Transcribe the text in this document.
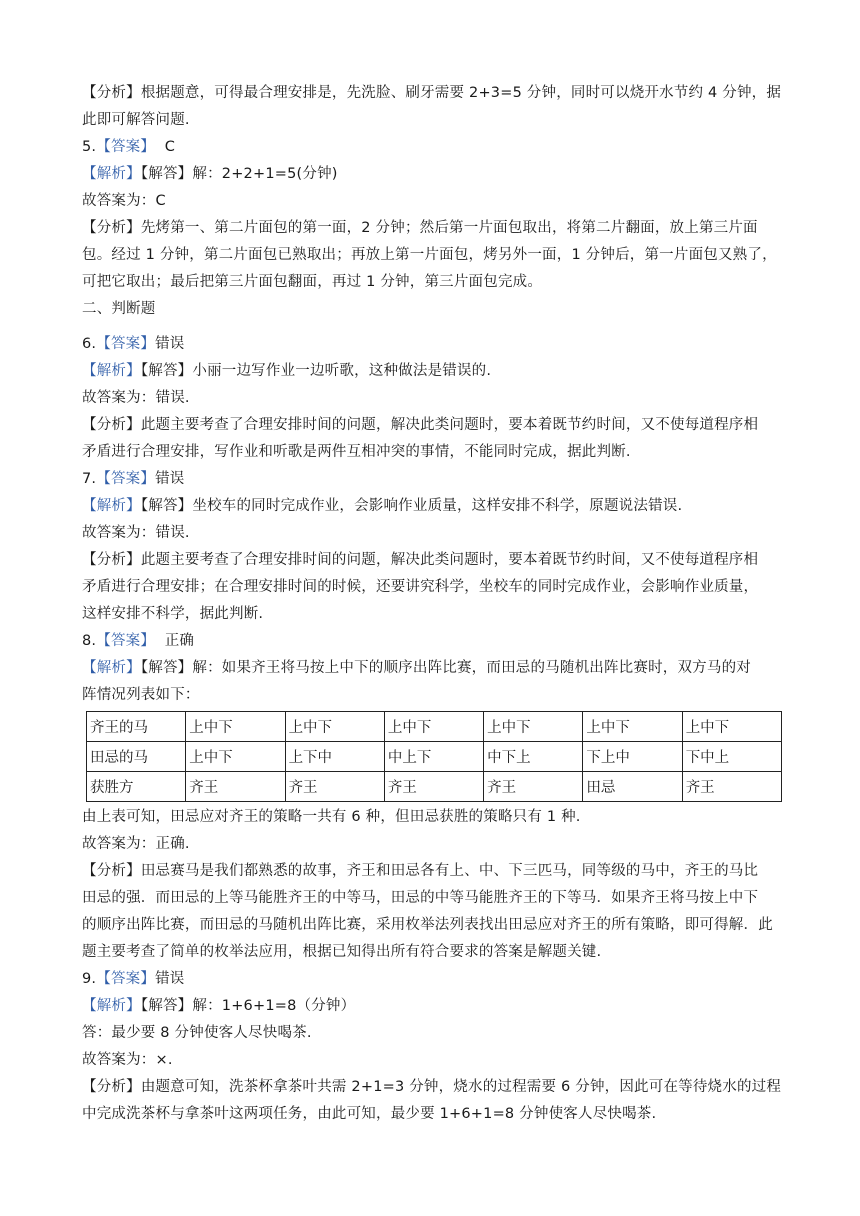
【分析】根据题意，可得最合理安排是，先洗脸、刷牙需要 2+3=5 分钟，同时可以烧开水节约 4 分钟，据
此即可解答问题.
5.【答案】 C
【解析】【解答】解：2+2+1=5(分钟)
故答案为：C
【分析】先烤第一、第二片面包的第一面，2 分钟；然后第一片面包取出，将第二片翻面，放上第三片面
包。经过 1 分钟，第二片面包已熟取出；再放上第一片面包，烤另外一面，1 分钟后，第一片面包又熟了，
可把它取出；最后把第三片面包翻面，再过 1 分钟，第三片面包完成。
二、判断题
6.【答案】错误
【解析】【解答】小丽一边写作业一边听歌，这种做法是错误的.
故答案为：错误.
【分析】此题主要考查了合理安排时间的问题，解决此类问题时，要本着既节约时间，又不使每道程序相
矛盾进行合理安排，写作业和听歌是两件互相冲突的事情，不能同时完成，据此判断.
7.【答案】错误
【解析】【解答】坐校车的同时完成作业，会影响作业质量，这样安排不科学，原题说法错误.
故答案为：错误.
【分析】此题主要考查了合理安排时间的问题，解决此类问题时，要本着既节约时间，又不使每道程序相
矛盾进行合理安排；在合理安排时间的时候，还要讲究科学，坐校车的同时完成作业，会影响作业质量，
这样安排不科学，据此判断.
8.【答案】 正确
【解析】【解答】解：如果齐王将马按上中下的顺序出阵比赛，而田忌的马随机出阵比赛时，双方马的对
阵情况列表如下：
齐王的马	上中下	上中下	上中下	上中下	上中下	上中下
田忌的马	上中下	上下中	中上下	中下上	下上中	下中上
获胜方	齐王	齐王	齐王	齐王	田忌	齐王
由上表可知，田忌应对齐王的策略一共有 6 种，但田忌获胜的策略只有 1 种.
故答案为：正确.
【分析】田忌赛马是我们都熟悉的故事，齐王和田忌各有上、中、下三匹马，同等级的马中，齐王的马比
田忌的强．而田忌的上等马能胜齐王的中等马，田忌的中等马能胜齐王的下等马．如果齐王将马按上中下
的顺序出阵比赛，而田忌的马随机出阵比赛，采用枚举法列表找出田忌应对齐王的所有策略，即可得解．此
题主要考查了简单的枚举法应用，根据已知得出所有符合要求的答案是解题关键.
9.【答案】错误
【解析】【解答】解：1+6+1=8（分钟）
答：最少要 8 分钟使客人尽快喝茶.
故答案为：×.
【分析】由题意可知，洗茶杯拿茶叶共需 2+1=3 分钟，烧水的过程需要 6 分钟，因此可在等待烧水的过程
中完成洗茶杯与拿茶叶这两项任务，由此可知，最少要 1+6+1=8 分钟使客人尽快喝茶.
